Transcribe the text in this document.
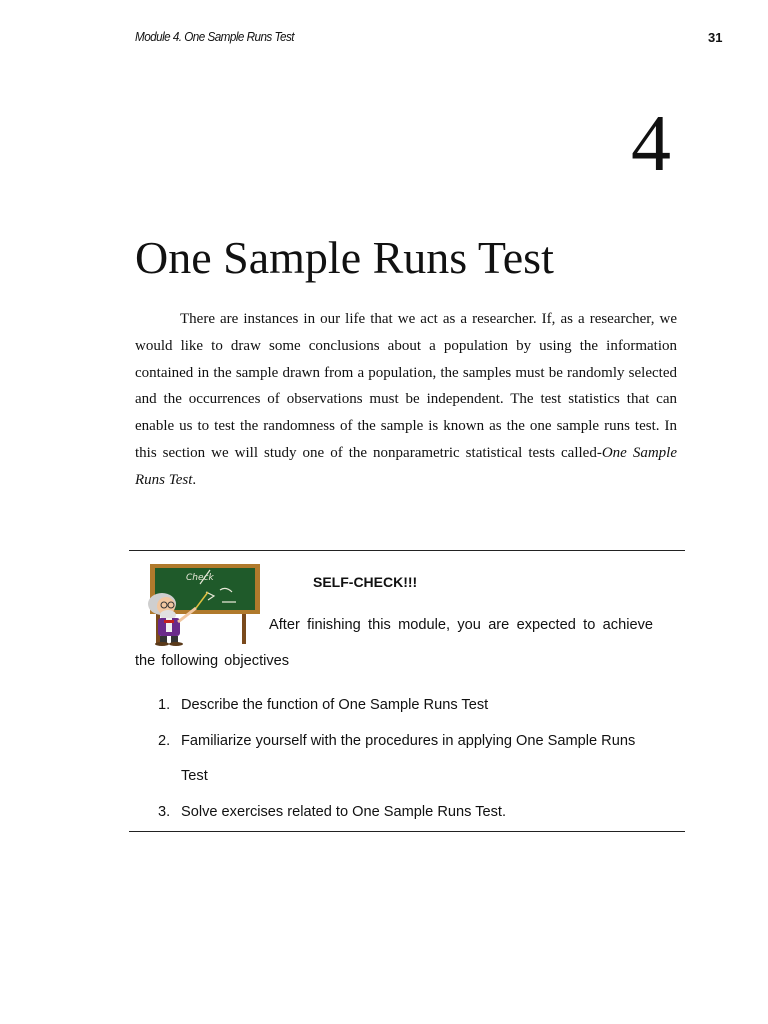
Module 4. One Sample Runs Test	31
4
One Sample Runs Test

There are instances in our life that we act as a researcher. If, as a researcher, we would like to draw some conclusions about a population by using the information contained in the sample drawn from a population, the samples must be randomly selected and the occurrences of observations must be independent. The test statistics that can enable us to test the randomness of the sample is known as the one sample runs test. In this section we will study one of the nonparametric statistical tests called-One Sample Runs Test.

Check	SELF-CHECK!!!
After finishing this module, you are expected to achieve
the following objectives
1. Describe the function of One Sample Runs Test
2. Familiarize yourself with the procedures in applying One Sample Runs Test
3. Solve exercises related to One Sample Runs Test.
